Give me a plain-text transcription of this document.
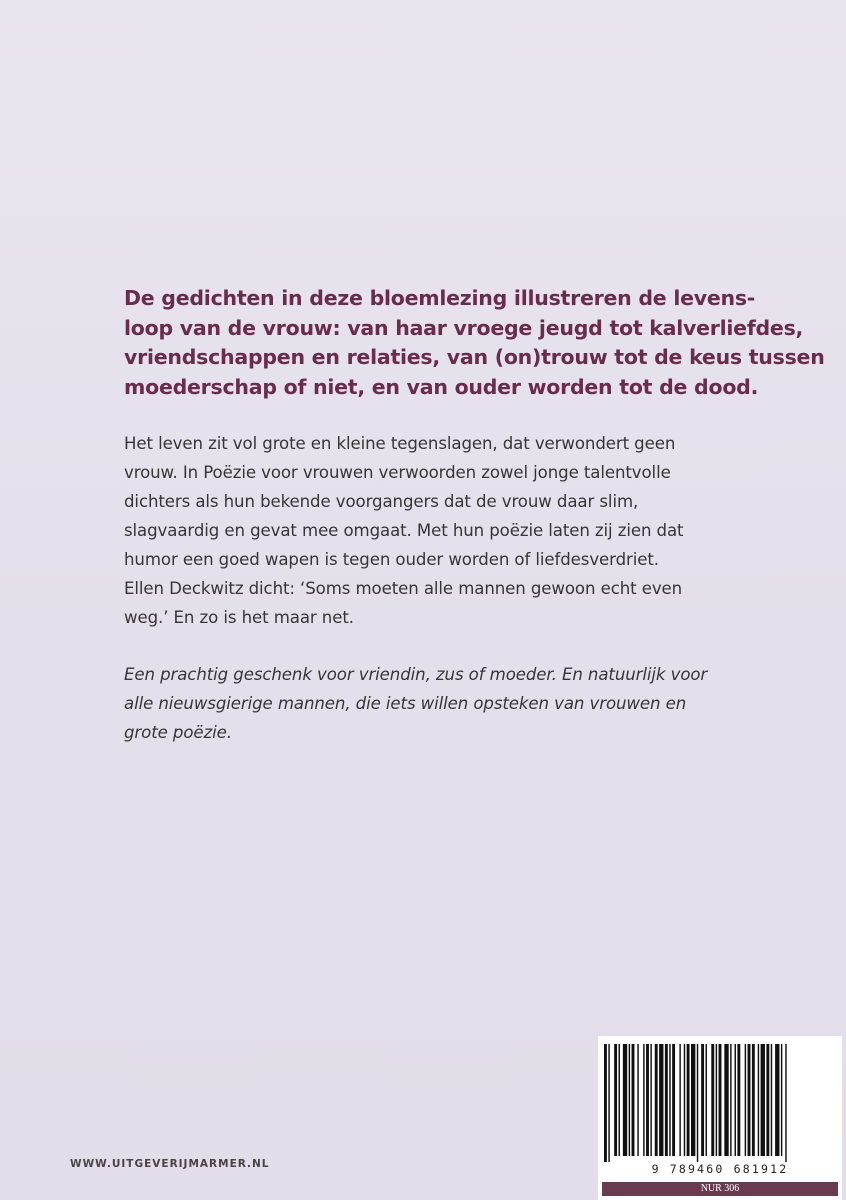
De gedichten in deze bloemlezing illustreren de levens-
loop van de vrouw: van haar vroege jeugd tot kalverliefdes,
vriendschappen en relaties, van (on)trouw tot de keus tussen
moederschap of niet, en van ouder worden tot de dood.

Het leven zit vol grote en kleine tegenslagen, dat verwondert geen
vrouw. In Poëzie voor vrouwen verwoorden zowel jonge talentvolle
dichters als hun bekende voorgangers dat de vrouw daar slim,
slagvaardig en gevat mee omgaat. Met hun poëzie laten zij zien dat
humor een goed wapen is tegen ouder worden of liefdesverdriet.
Ellen Deckwitz dicht: ‘Soms moeten alle mannen gewoon echt even
weg.’ En zo is het maar net.

Een prachtig geschenk voor vriendin, zus of moeder. En natuurlijk voor
alle nieuwsgierige mannen, die iets willen opsteken van vrouwen en
grote poëzie.

WWW.UITGEVERIJMARMER.NL	9 789460 681912
NUR 306
